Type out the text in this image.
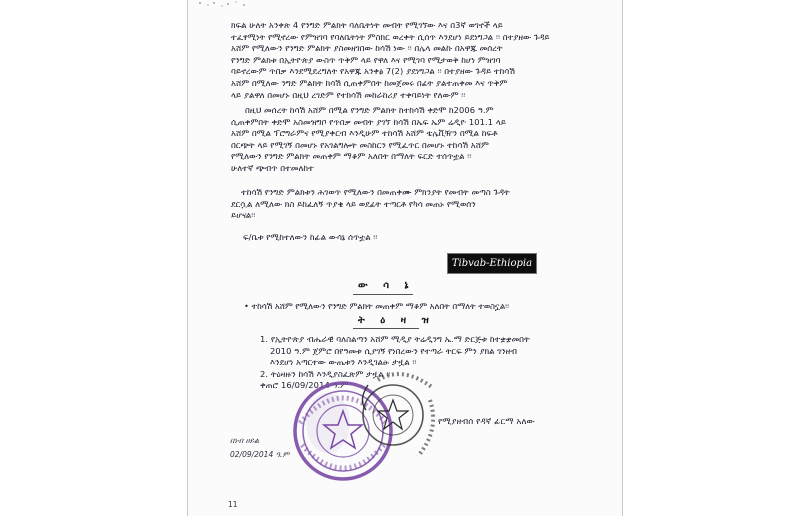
ክፍል ሁለት አንቀጽ 4 የንግድ ምልክት ባለቤትነት መብት የሚገኘው እና በ3ኛ ወገኖች ላይ
ተፈፃሚነት የሚኖረው የምዝገባ የባለቤትነት ምስክር ወረቀት ሲሰጥ እንደሆነ ይደነግጋል ፡፡ በተያዘው ጉዳይ
አሸም የሚለውን የንግድ ምልክት ያስመዘገበው ከሳሽ ነው ፡፡ በሌላ መልኩ በአዋጁ መሰረት
የንግድ ምልክቱ በኢትዮጵያ ውስጥ ጥቅም ላይ የዋለ እና የሚገባ የሚታወቅ ከሆነ ምዝገባ
ባይኖረውም ጥበቃ እንደሚደረግለት የአዋጁ አንቀፅ 7(2) ያደነግጋል ፡፡ በተያዘው ጉዳይ ተከሳሽ
አሸም በሚለው ንግድ ምልክት ከሳሽ ሲጠቀምበት ከመጀመሩ በፊት ያልተጠቀመ እና ጥቅም
ላይ ያልዋለ በመሆኑ በዚህ ረገድም የተከሳሽ መከራከሪያ ተቀባይነት የለውም ፡፡
በዚህ መሰረት ከሳሽ አሸም በሚል የንግድ ምልክት ከተከሳሽ ቀድሞ ከ2006 ዓ.ም
ሲጠቀምበት ቀድሞ አስመዝግቦ የጥበቃ መብት ያገኘ ከሳሽ በኤፍ ኤም ሬዲዮ 101.1 ላይ
አሸም በሚል ፕሮግራምና የሚያቀርብ እንዲሁም ተከሳሽ አሸም ቴሌቪዥን በሚል ከፍቶ
በርጭት ላይ የሚገኝ በመሆኑ የአገልግሎት መስከርን የሚፈጥር በመሆኑ ተከሳሽ አሸም
የሚለውን የንግድ ምልክት መጠቀም ማቆም አለበት በማለት ፍርድ ተሰጥቷል ፡፡
ሁለተኛ ጭብጥ በተመለከተ
ተከሳሽ የንግድ ምልክቱን ሕገወጥ የሚለውን በመጠቀሙ ምክንያት የመብት መጣስ ጉዳት
ደርሷል ለሚለው ክስ ይከፈለኝ ጥያቄ ላይ ወደፊት ተጣርቶ የካሳ መጠኑ የሚወሰን
ይሆናል፡፡
ፍ/ቤቱ የሚከተለውን ከፊል ውሳኔ ሰጥቷል ፡፡
Tibvab-Ethiopia
ው ሳ ኔ
• ተከሳሽ አሸም የሚለውን የንግድ ምልክት መጠቀም ማቆም አለበት በማለት ተወስኗል፡፡
ት ዕ ዛ ዝ
1. የኢትዮጵያ ብሔራዊ ባለስልጣን አሸም ሚዲያ ትሬዲንግ ኤ.ማ ድርጅቱ ከተቋቋመበት
2010 ዓ.ም ጀምሮ በየዓመቱ ሲያገኝ የነበረውን የተጣራ ትርፍ ምን ያክል ገንዘብ
እንደሆነ አጣርተው ውጤቱን እንዲገልፁ ታዟል ፡፡
2. ትዕዛዙን ከሳሽ እንዲያስፈጽም ታዟል ፡፡
ቀጠሮ 16/09/2014 ዓ.ም
የሚያዘብሰ የዳኛ ፊርማ አለው
በነብ ሀይል
02/09/2014 ዓ.ም
11
